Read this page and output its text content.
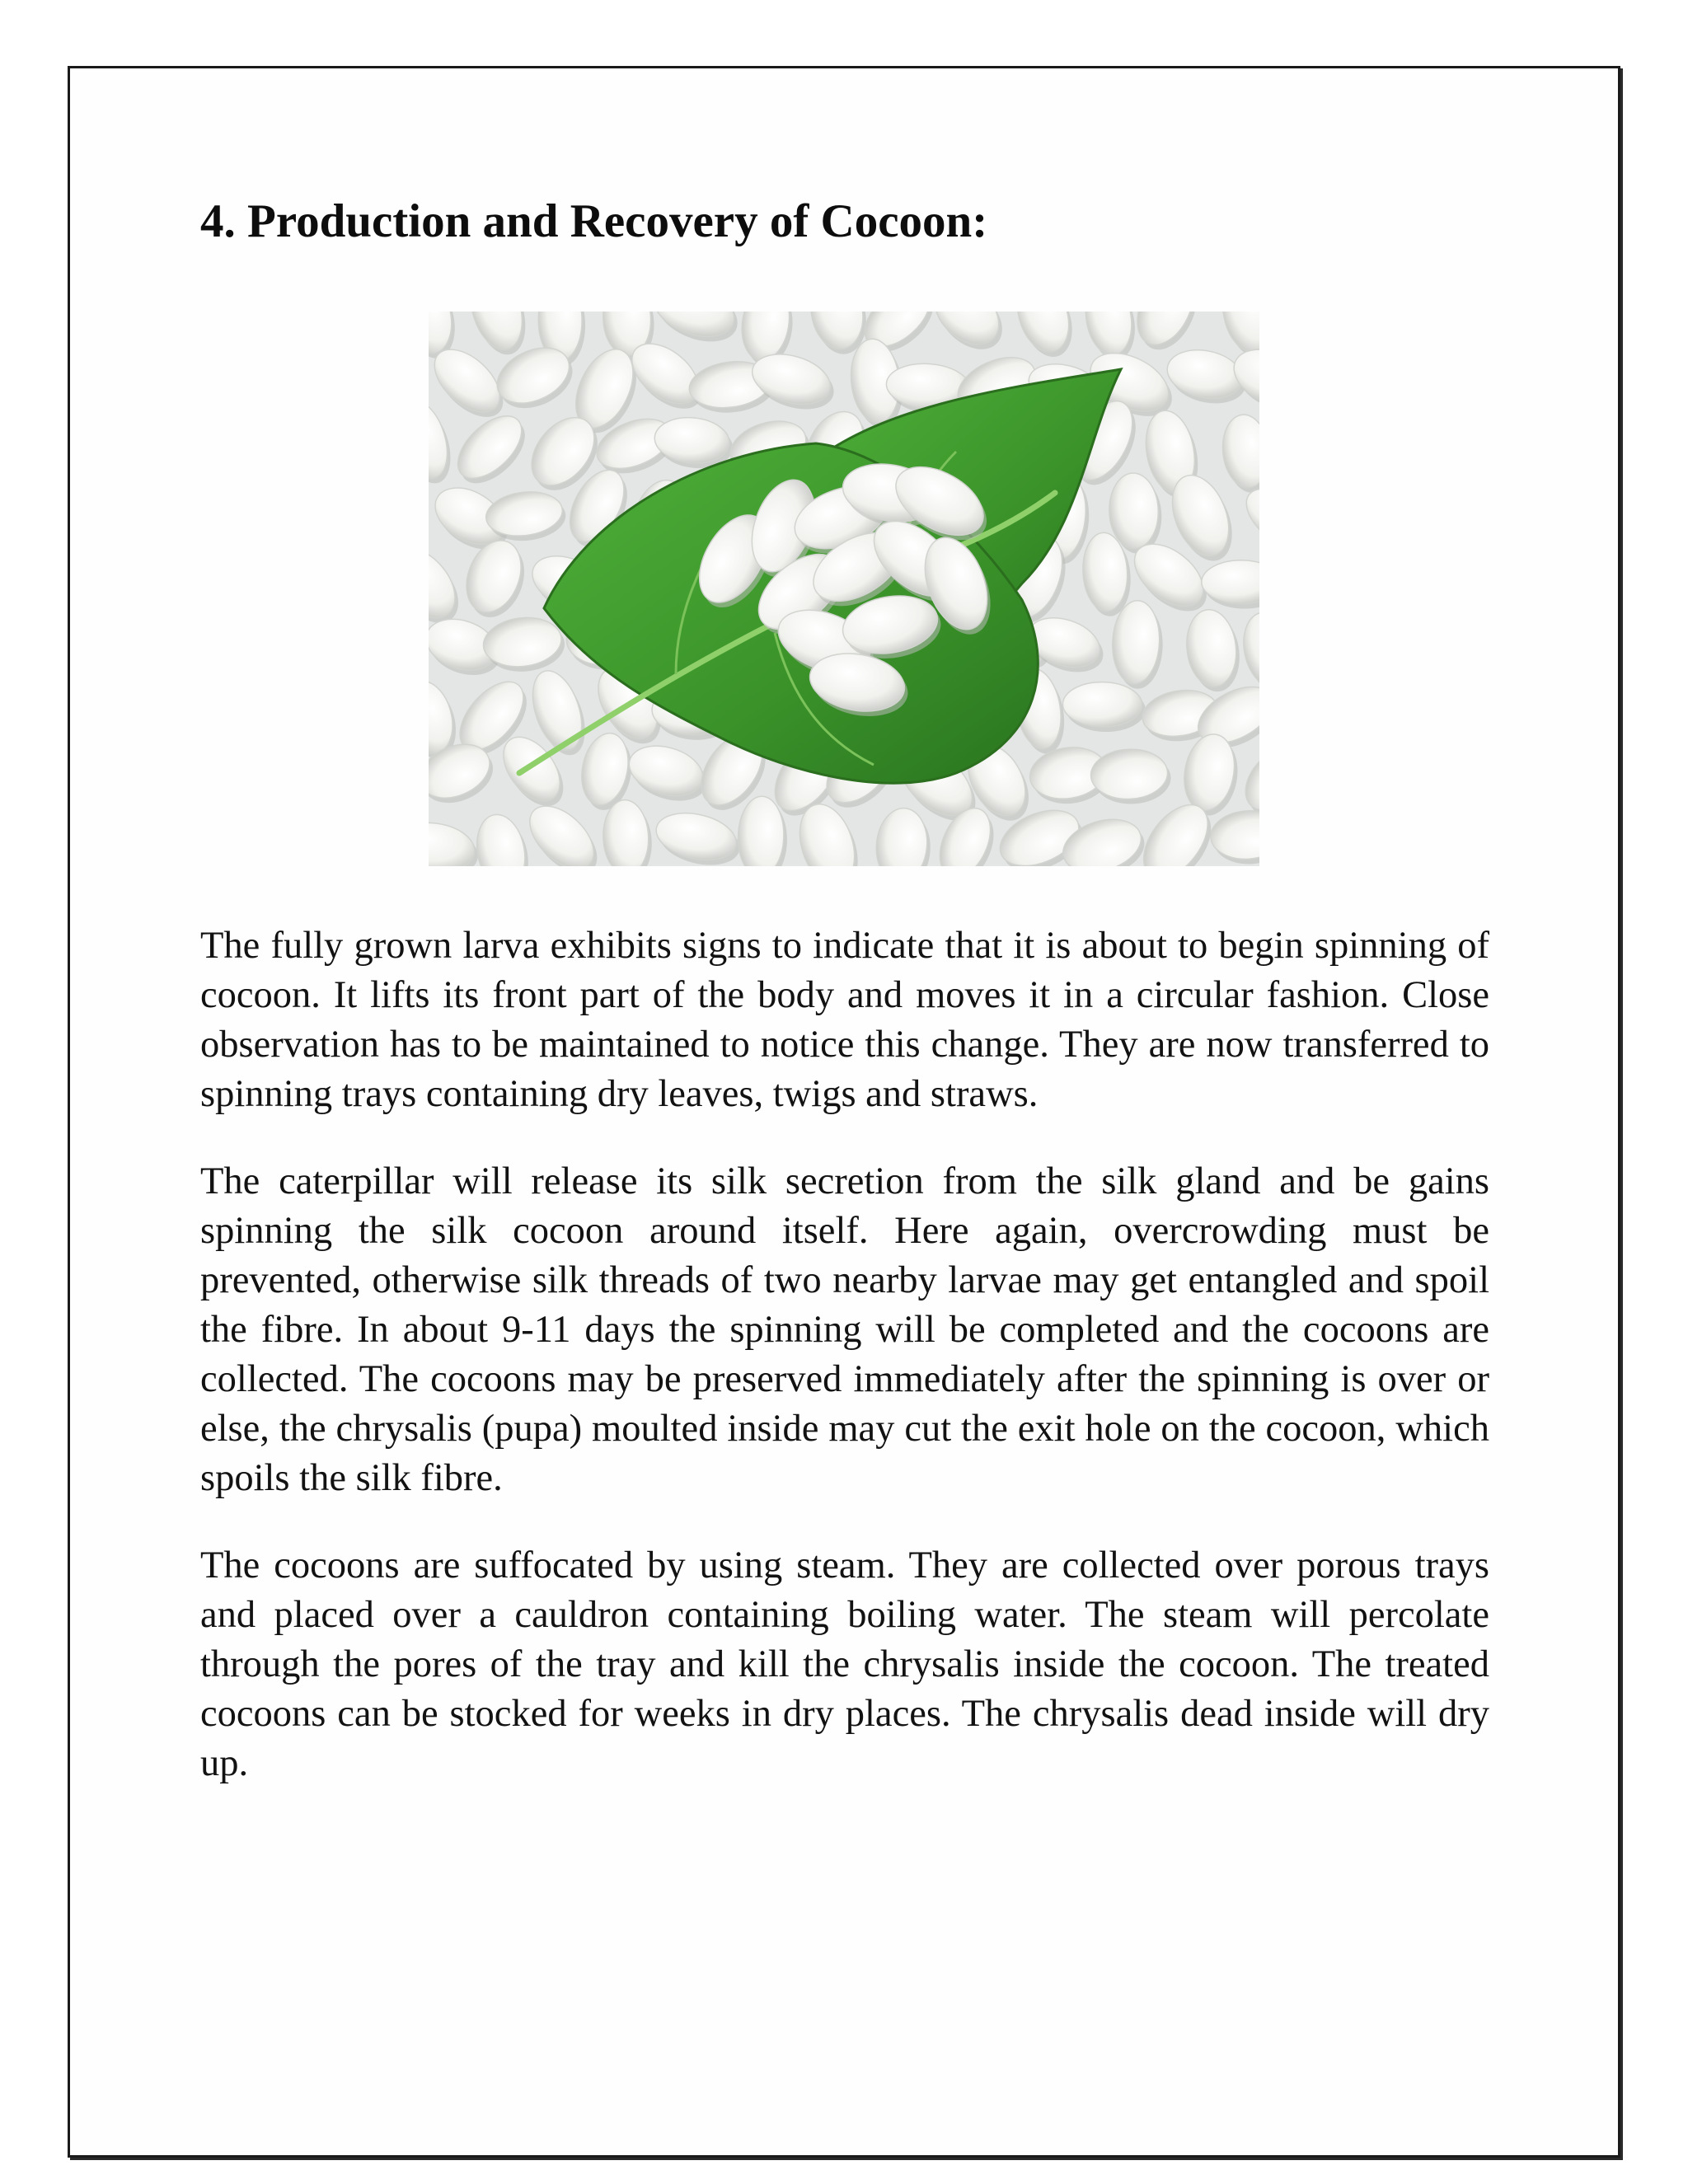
4. Production and Recovery of Cocoon:

The fully grown larva exhibits signs to indicate that it is about to begin spinning of cocoon. It lifts its front part of the body and moves it in a circular fashion. Close observation has to be maintained to notice this change. They are now transferred to spinning trays containing dry leaves, twigs and straws.

The caterpillar will release its silk secretion from the silk gland and be gains spinning the silk cocoon around itself. Here again, overcrowding must be prevented, otherwise silk threads of two nearby larvae may get entangled and spoil the fibre. In about 9-11 days the spinning will be completed and the cocoons are collected. The cocoons may be preserved immediately after the spinning is over or else, the chrysalis (pupa) moulted inside may cut the exit hole on the cocoon, which spoils the silk fibre.

The cocoons are suffocated by using steam. They are collected over porous trays and placed over a cauldron containing boiling water. The steam will percolate through the pores of the tray and kill the chrysalis inside the cocoon. The treated cocoons can be stocked for weeks in dry places. The chrysalis dead inside will dry up.
